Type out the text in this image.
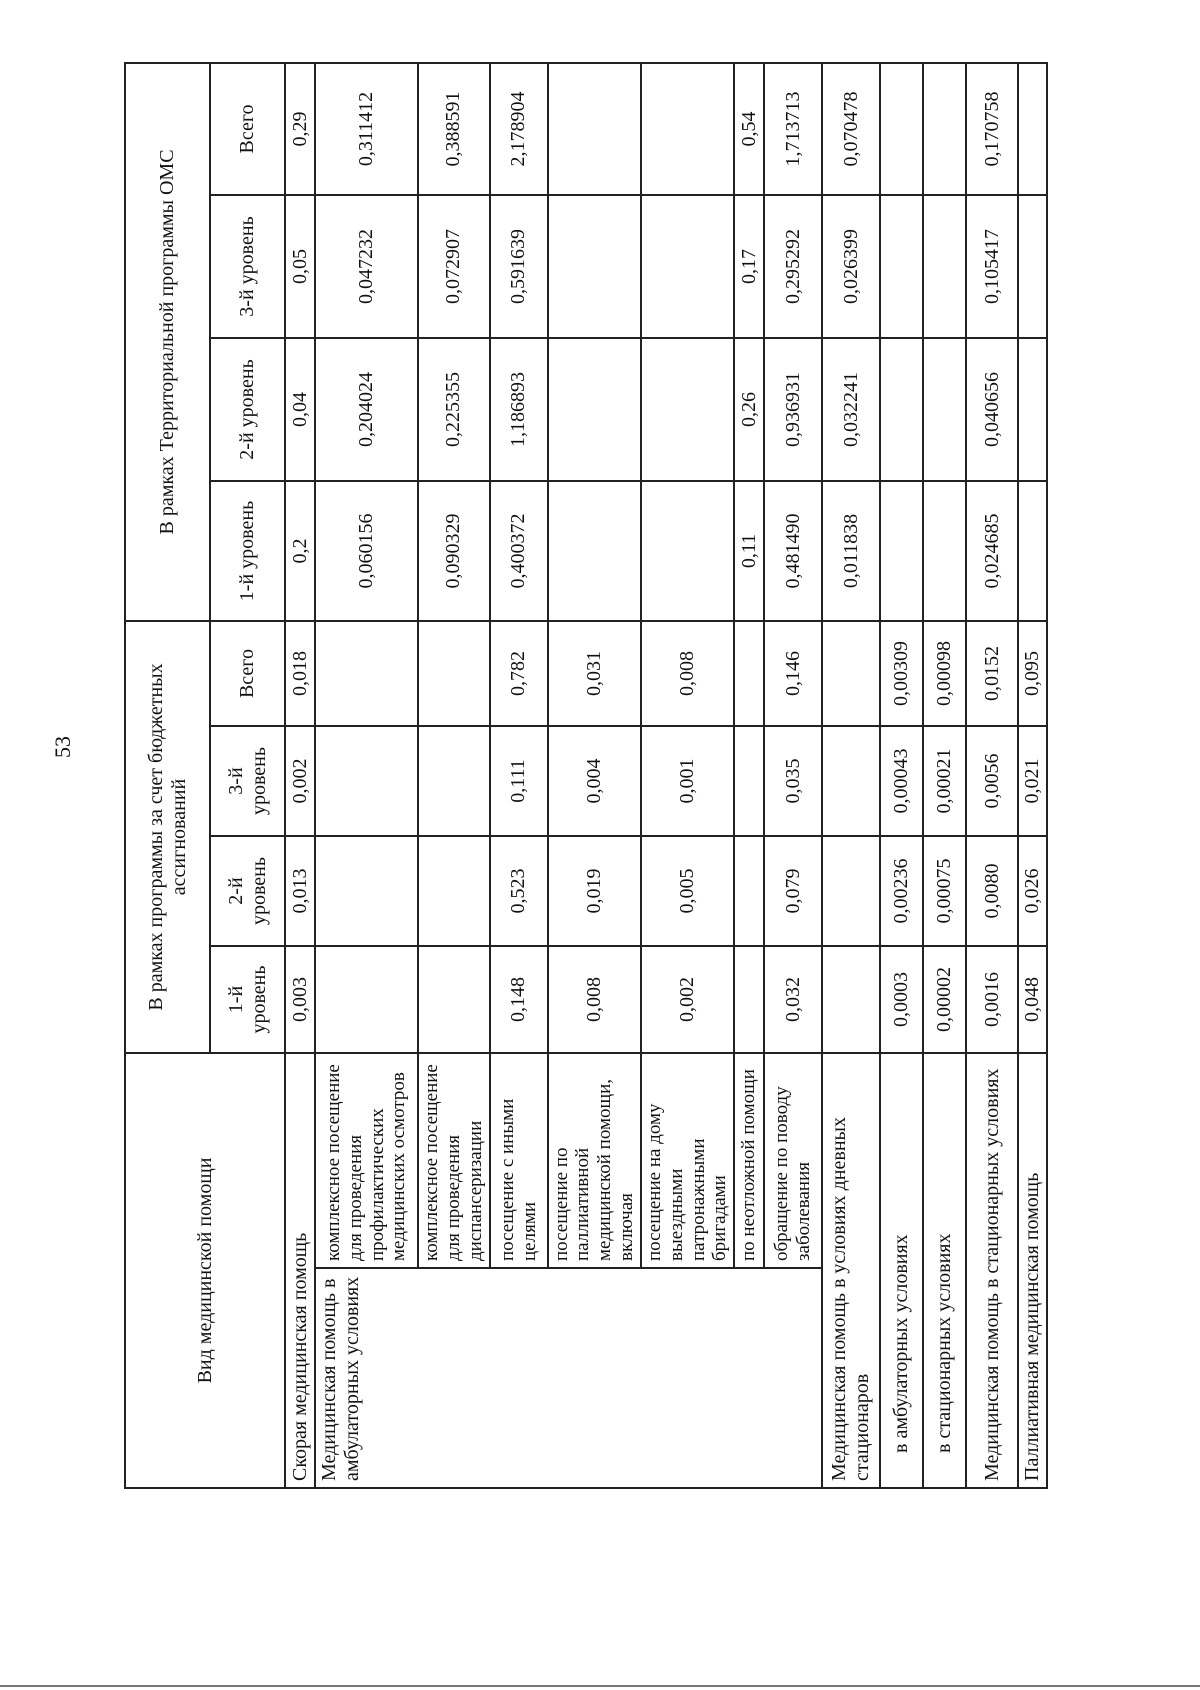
53
Вид медицинской помощи		В рамках программы за счет бюджетных ассигнований				В рамках Территориальной программы ОМС			
		1-й уровень	2-й уровень	3-й уровень	Всего	1-й уровень	2-й уровень	3-й уровень	Всего
Скорая медицинская помощь		0,003	0,013	0,002	0,018	0,2	0,04	0,05	0,29
Медицинская помощь в амбулаторных условиях	комплексное посещение для проведения профилактических медицинских осмотров					0,060156	0,204024	0,047232	0,311412
	комплексное посещение для проведения диспансеризации					0,090329	0,225355	0,072907	0,388591
	посещение с иными целями	0,148	0,523	0,111	0,782	0,400372	1,186893	0,591639	2,178904
	посещение по паллиативной медицинской помощи, включая	0,008	0,019	0,004	0,031				
	посещение на дому выездными патронажными бригадами	0,002	0,005	0,001	0,008				
	по неотложной помощи					0,11	0,26	0,17	0,54
	обращение по поводу заболевания	0,032	0,079	0,035	0,146	0,481490	0,936931	0,295292	1,713713
Медицинская помощь в условиях дневных стационаров						0,011838	0,032241	0,026399	0,070478
в амбулаторных условиях		0,0003	0,00236	0,00043	0,00309				
в стационарных условиях		0,00002	0,00075	0,00021	0,00098				
Медицинская помощь в стационарных условиях		0,0016	0,0080	0,0056	0,0152	0,024685	0,040656	0,105417	0,170758
Паллиативная медицинская помощь		0,048	0,026	0,021	0,095				
